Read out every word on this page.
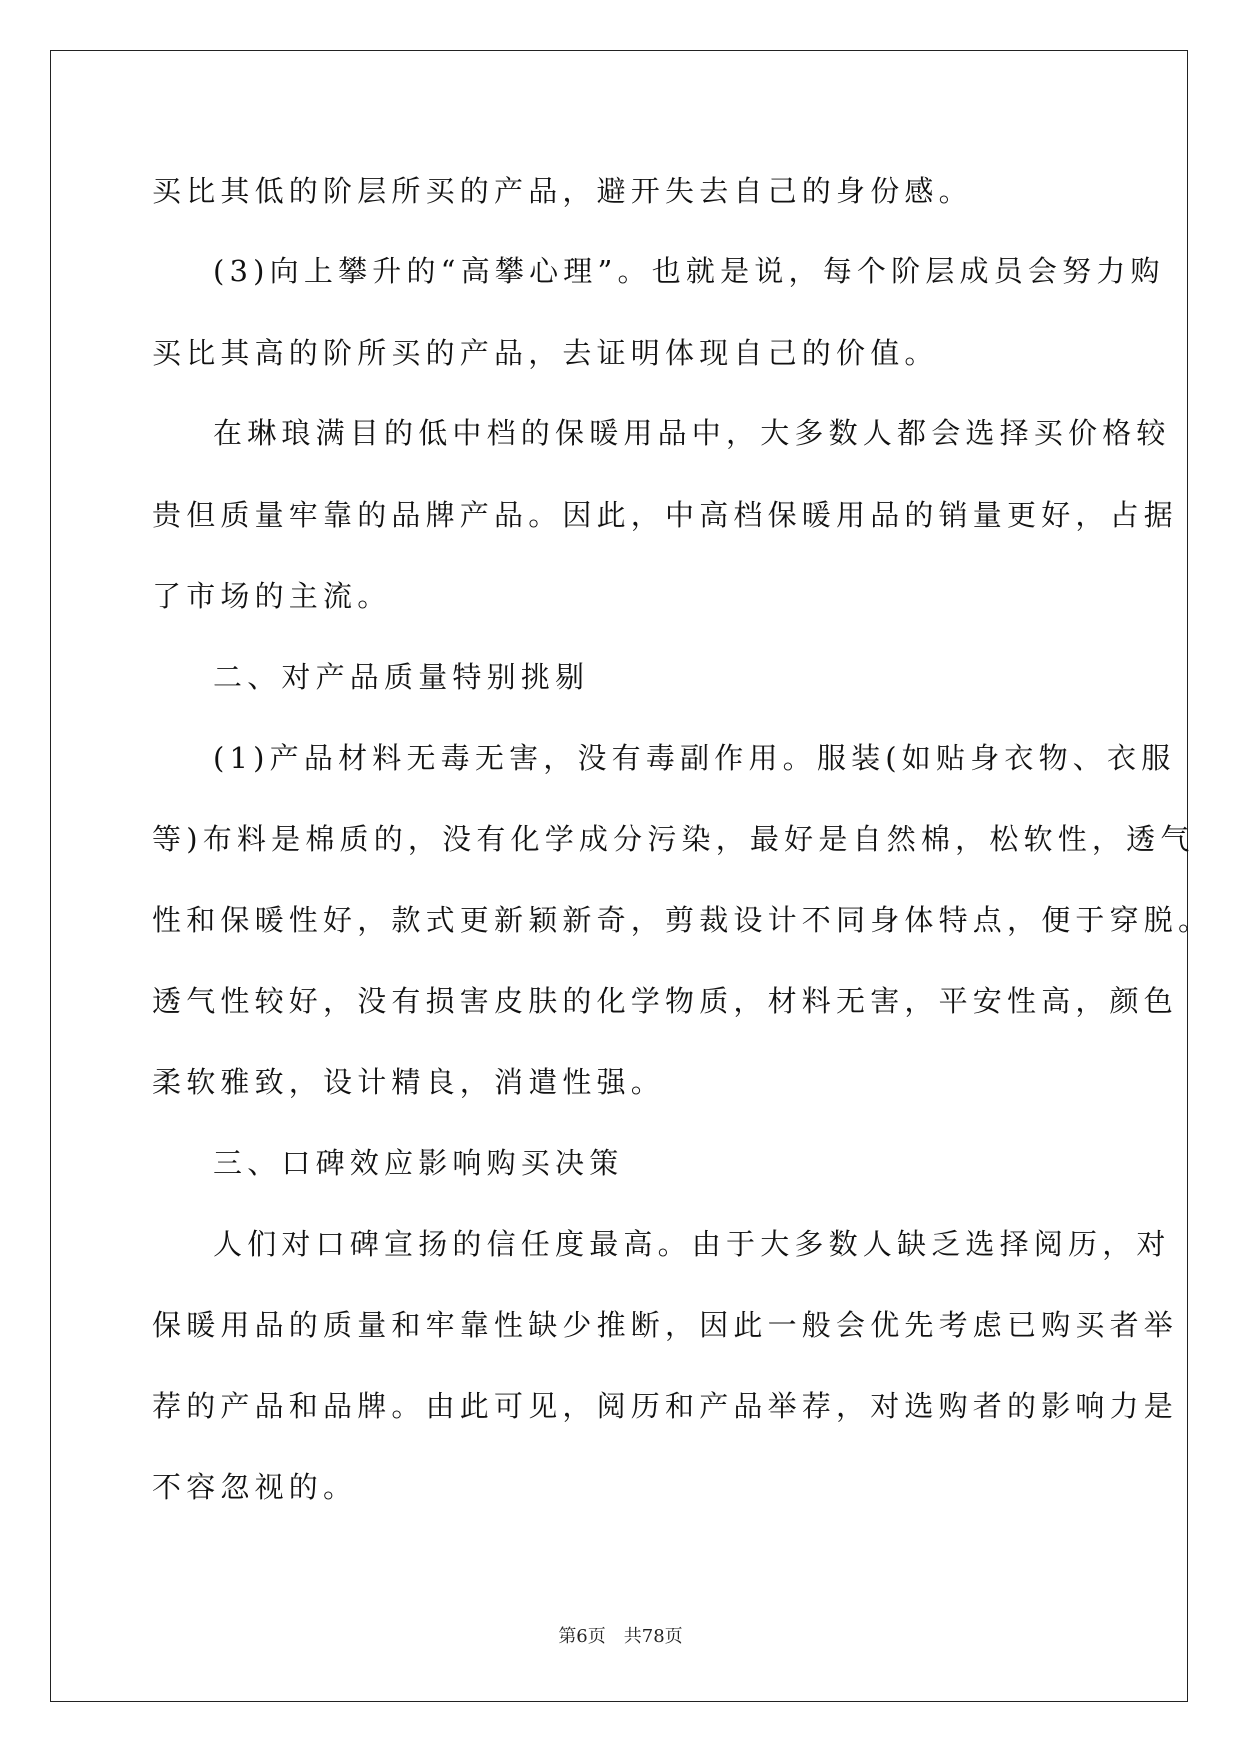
买比其低的阶层所买的产品，避开失去自己的身份感。
(3)向上攀升的“高攀心理”。也就是说，每个阶层成员会努力购
买比其高的阶所买的产品，去证明体现自己的价值。
在琳琅满目的低中档的保暖用品中，大多数人都会选择买价格较
贵但质量牢靠的品牌产品。因此，中高档保暖用品的销量更好，占据
了市场的主流。
二、对产品质量特别挑剔
(1)产品材料无毒无害，没有毒副作用。服装(如贴身衣物、衣服
等)布料是棉质的，没有化学成分污染，最好是自然棉，松软性，透气
性和保暖性好，款式更新颖新奇，剪裁设计不同身体特点，便于穿脱。
透气性较好，没有损害皮肤的化学物质，材料无害，平安性高，颜色
柔软雅致，设计精良，消遣性强。
三、口碑效应影响购买决策
人们对口碑宣扬的信任度最高。由于大多数人缺乏选择阅历，对
保暖用品的质量和牢靠性缺少推断，因此一般会优先考虑已购买者举
荐的产品和品牌。由此可见，阅历和产品举荐，对选购者的影响力是
不容忽视的。
第6页 共78页
